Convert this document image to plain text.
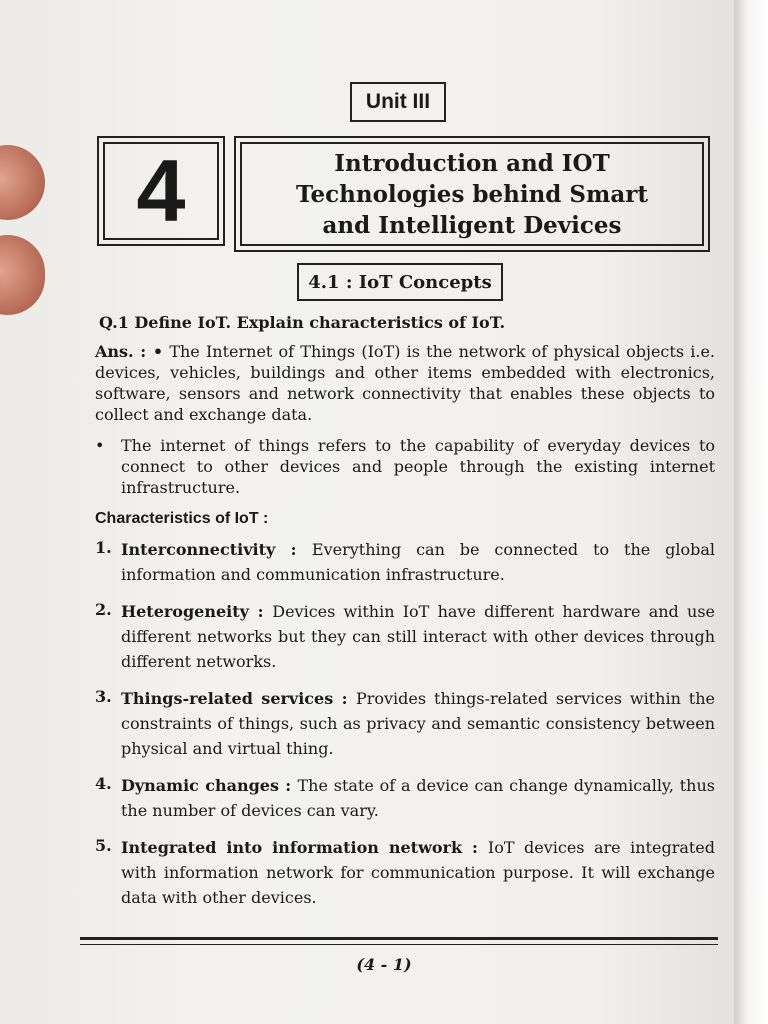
Unit III
4	Introduction and IOT
Technologies behind Smart
and Intelligent Devices
4.1 : IoT Concepts
Q.1 Define IoT. Explain characteristics of IoT.
Ans. : • The Internet of Things (IoT) is the network of physical objects i.e. devices, vehicles, buildings and other items embedded with electronics, software, sensors and network connectivity that enables these objects to collect and exchange data.
•	The internet of things refers to the capability of everyday devices to connect to other devices and people through the existing internet infrastructure.
Characteristics of IoT :
1. Interconnectivity : Everything can be connected to the global information and communication infrastructure.
2. Heterogeneity : Devices within IoT have different hardware and use different networks but they can still interact with other devices through different networks.
3. Things-related services : Provides things-related services within the constraints of things, such as privacy and semantic consistency between physical and virtual thing.
4. Dynamic changes : The state of a device can change dynamically, thus the number of devices can vary.
5. Integrated into information network : IoT devices are integrated with information network for communication purpose. It will exchange data with other devices.
(4 - 1)
